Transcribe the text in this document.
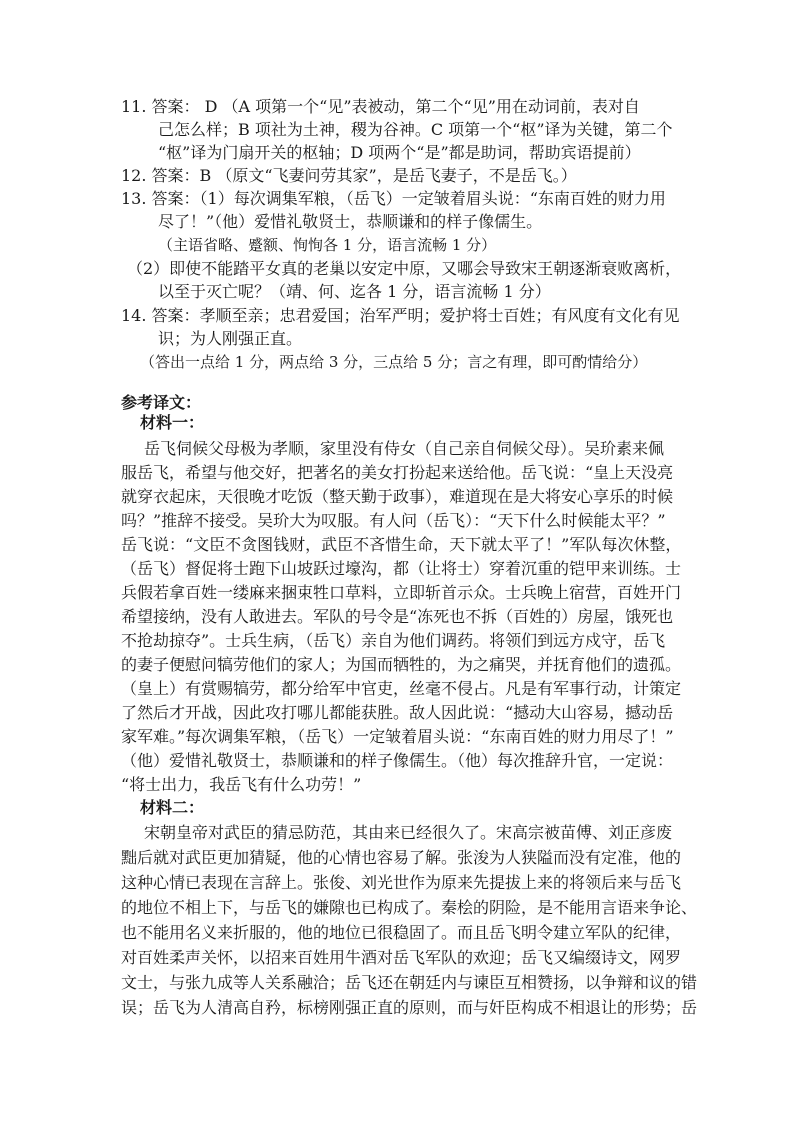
11. 答案： D （A 项第一个“见”表被动，第二个“见”用在动词前，表对自
己怎么样；B 项社为土神，稷为谷神。C 项第一个“枢”译为关键，第二个
“枢”译为门扇开关的枢轴；D 项两个“是”都是助词，帮助宾语提前）
12. 答案：B （原文“飞妻问劳其家”，是岳飞妻子，不是岳飞。）
13. 答案：（1）每次调集军粮，（岳飞）一定皱着眉头说：“东南百姓的财力用
尽了！”（他）爱惜礼敬贤士，恭顺谦和的样子像儒生。
（主语省略、蹙额、恂恂各 1 分，语言流畅 1 分）
（2）即使不能踏平女真的老巢以安定中原，又哪会导致宋王朝逐渐衰败离析，
以至于灭亡呢？（靖、何、迄各 1 分，语言流畅 1 分）
14. 答案：孝顺至亲；忠君爱国；治军严明；爱护将士百姓；有风度有文化有见
识；为人刚强正直。
（答出一点给 1 分，两点给 3 分，三点给 5 分；言之有理，即可酌情给分）
参考译文：
材料一：
岳飞伺候父母极为孝顺，家里没有侍女（自己亲自伺候父母）。吴玠素来佩
服岳飞，希望与他交好，把著名的美女打扮起来送给他。岳飞说：“皇上天没亮
就穿衣起床，天很晚才吃饭（整天勤于政事），难道现在是大将安心享乐的时候
吗？”推辞不接受。吴玠大为叹服。有人问（岳飞）：“天下什么时候能太平？”
岳飞说：“文臣不贪图钱财，武臣不吝惜生命，天下就太平了！”军队每次休整，
（岳飞）督促将士跑下山坡跃过壕沟，都（让将士）穿着沉重的铠甲来训练。士
兵假若拿百姓一缕麻来捆束牲口草料，立即斩首示众。士兵晚上宿营，百姓开门
希望接纳，没有人敢进去。军队的号令是“冻死也不拆（百姓的）房屋，饿死也
不抢劫掠夺”。士兵生病，（岳飞）亲自为他们调药。将领们到远方戍守，岳飞
的妻子便慰问犒劳他们的家人；为国而牺牲的，为之痛哭，并抚育他们的遗孤。
（皇上）有赏赐犒劳，都分给军中官吏，丝毫不侵占。凡是有军事行动，计策定
了然后才开战，因此攻打哪儿都能获胜。敌人因此说：“撼动大山容易，撼动岳
家军难。”每次调集军粮，（岳飞）一定皱着眉头说：“东南百姓的财力用尽了！”
（他）爱惜礼敬贤士，恭顺谦和的样子像儒生。（他）每次推辞升官，一定说：
“将士出力，我岳飞有什么功劳！”
材料二：
宋朝皇帝对武臣的猜忌防范，其由来已经很久了。宋高宗被苗傅、刘正彦废
黜后就对武臣更加猜疑，他的心情也容易了解。张浚为人狭隘而没有定准，他的
这种心情已表现在言辞上。张俊、刘光世作为原来先提拔上来的将领后来与岳飞
的地位不相上下，与岳飞的嫌隙也已构成了。秦桧的阴险，是不能用言语来争论、
也不能用名义来折服的，他的地位已很稳固了。而且岳飞明令建立军队的纪律，
对百姓柔声关怀，以招来百姓用牛酒对岳飞军队的欢迎；岳飞又编缀诗文，网罗
文士，与张九成等人关系融洽；岳飞还在朝廷内与谏臣互相赞扬，以争辩和议的错
误；岳飞为人清高自矜，标榜刚强正直的原则，而与奸臣构成不相退让的形势；岳
